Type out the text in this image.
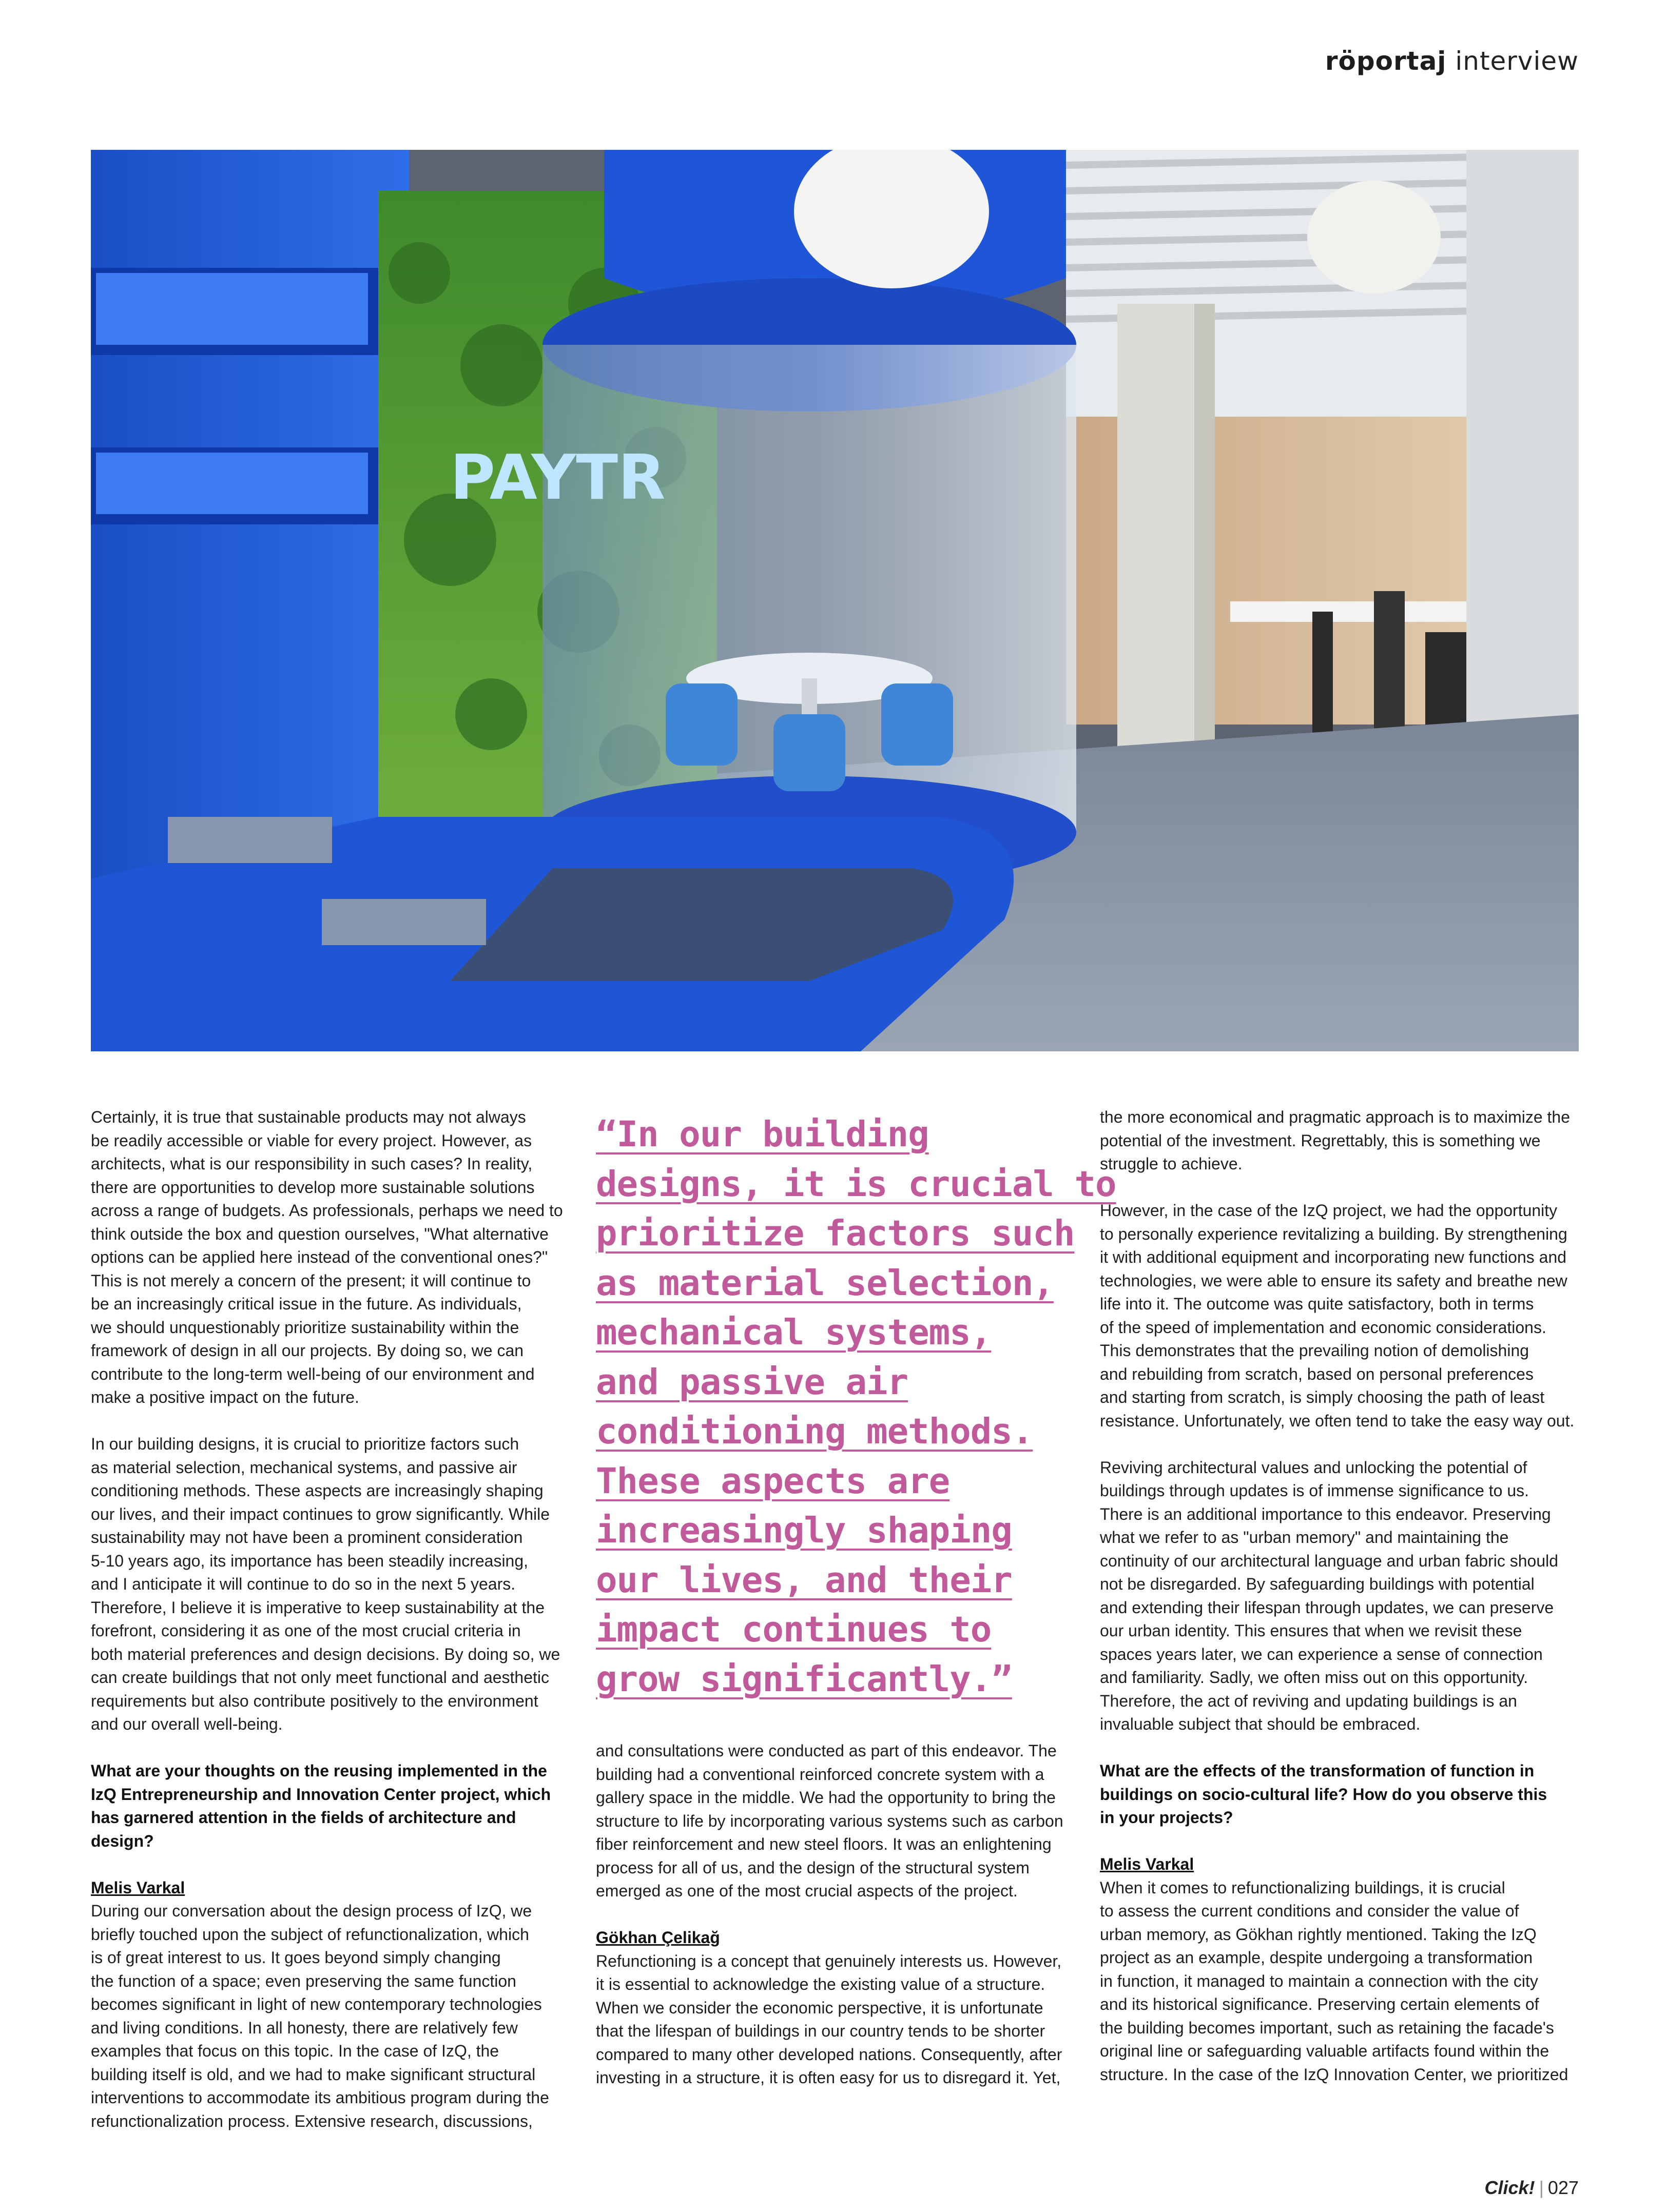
röportaj interview
PAYTR

Certainly, it is true that sustainable products may not always
be readily accessible or viable for every project. However, as
architects, what is our responsibility in such cases? In reality,
there are opportunities to develop more sustainable solutions
across a range of budgets. As professionals, perhaps we need to
think outside the box and question ourselves, "What alternative
options can be applied here instead of the conventional ones?"
This is not merely a concern of the present; it will continue to
be an increasingly critical issue in the future. As individuals,
we should unquestionably prioritize sustainability within the
framework of design in all our projects. By doing so, we can
contribute to the long-term well-being of our environment and
make a positive impact on the future.

In our building designs, it is crucial to prioritize factors such
as material selection, mechanical systems, and passive air
conditioning methods. These aspects are increasingly shaping
our lives, and their impact continues to grow significantly. While
sustainability may not have been a prominent consideration
5-10 years ago, its importance has been steadily increasing,
and I anticipate it will continue to do so in the next 5 years.
Therefore, I believe it is imperative to keep sustainability at the
forefront, considering it as one of the most crucial criteria in
both material preferences and design decisions. By doing so, we
can create buildings that not only meet functional and aesthetic
requirements but also contribute positively to the environment
and our overall well-being.

What are your thoughts on the reusing implemented in the
IzQ Entrepreneurship and Innovation Center project, which
has garnered attention in the fields of architecture and
design?

Melis Varkal

During our conversation about the design process of IzQ, we
briefly touched upon the subject of refunctionalization, which
is of great interest to us. It goes beyond simply changing
the function of a space; even preserving the same function
becomes significant in light of new contemporary technologies
and living conditions. In all honesty, there are relatively few
examples that focus on this topic. In the case of IzQ, the
building itself is old, and we had to make significant structural
interventions to accommodate its ambitious program during the
refunctionalization process. Extensive research, discussions,

“In our building
designs, it is crucial to
prioritize factors such
as material selection,
mechanical systems,
and passive air
conditioning methods.
These aspects are
increasingly shaping
our lives, and their
impact continues to
grow significantly.”

and consultations were conducted as part of this endeavor. The
building had a conventional reinforced concrete system with a
gallery space in the middle. We had the opportunity to bring the
structure to life by incorporating various systems such as carbon
fiber reinforcement and new steel floors. It was an enlightening
process for all of us, and the design of the structural system
emerged as one of the most crucial aspects of the project.

Gökhan Çelikağ

Refunctioning is a concept that genuinely interests us. However,
it is essential to acknowledge the existing value of a structure.
When we consider the economic perspective, it is unfortunate
that the lifespan of buildings in our country tends to be shorter
compared to many other developed nations. Consequently, after
investing in a structure, it is often easy for us to disregard it. Yet,

the more economical and pragmatic approach is to maximize the
potential of the investment. Regrettably, this is something we
struggle to achieve.

However, in the case of the IzQ project, we had the opportunity
to personally experience revitalizing a building. By strengthening
it with additional equipment and incorporating new functions and
technologies, we were able to ensure its safety and breathe new
life into it. The outcome was quite satisfactory, both in terms
of the speed of implementation and economic considerations.
This demonstrates that the prevailing notion of demolishing
and rebuilding from scratch, based on personal preferences
and starting from scratch, is simply choosing the path of least
resistance. Unfortunately, we often tend to take the easy way out.

Reviving architectural values and unlocking the potential of
buildings through updates is of immense significance to us.
There is an additional importance to this endeavor. Preserving
what we refer to as "urban memory" and maintaining the
continuity of our architectural language and urban fabric should
not be disregarded. By safeguarding buildings with potential
and extending their lifespan through updates, we can preserve
our urban identity. This ensures that when we revisit these
spaces years later, we can experience a sense of connection
and familiarity. Sadly, we often miss out on this opportunity.
Therefore, the act of reviving and updating buildings is an
invaluable subject that should be embraced.

What are the effects of the transformation of function in
buildings on socio-cultural life? How do you observe this
in your projects?

Melis Varkal

When it comes to refunctionalizing buildings, it is crucial
to assess the current conditions and consider the value of
urban memory, as Gökhan rightly mentioned. Taking the IzQ
project as an example, despite undergoing a transformation
in function, it managed to maintain a connection with the city
and its historical significance. Preserving certain elements of
the building becomes important, such as retaining the facade's
original line or safeguarding valuable artifacts found within the
structure. In the case of the IzQ Innovation Center, we prioritized

Click! | 027
